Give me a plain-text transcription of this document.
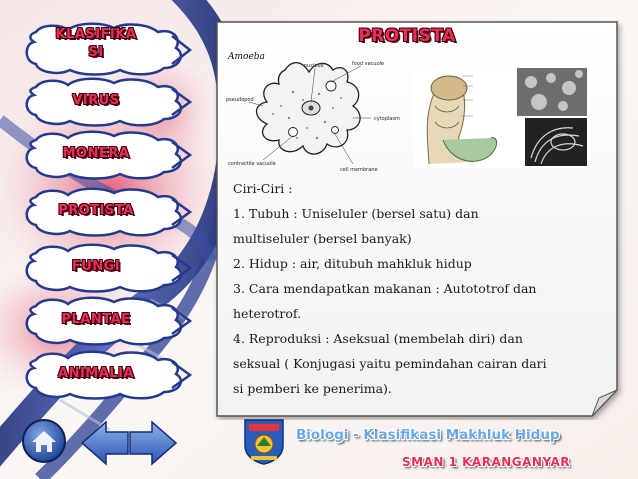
PROTISTA
Amoeba
nucleus	food vacuole
pseudopod
cytoplasm
contractile vacuole
cell membrane
Ciri-Ciri :
1. Tubuh : Uniseluler (bersel satu) dan
multiseluler (bersel banyak)
2. Hidup : air, ditubuh mahkluk hidup
3. Cara mendapatkan makanan : Autototrof dan
heterotrof.
4. Reproduksi : Aseksual (membelah diri) dan
seksual ( Konjugasi yaitu pemindahan cairan dari
si pemberi ke penerima).
KLASIFIKA
SI
VIRUS
MONERA
PROTISTA
FUNGI
PLANTAE
ANIMALIA
Biologi - Klasifikasi Makhluk Hidup
SMAN 1 KARANGANYAR
